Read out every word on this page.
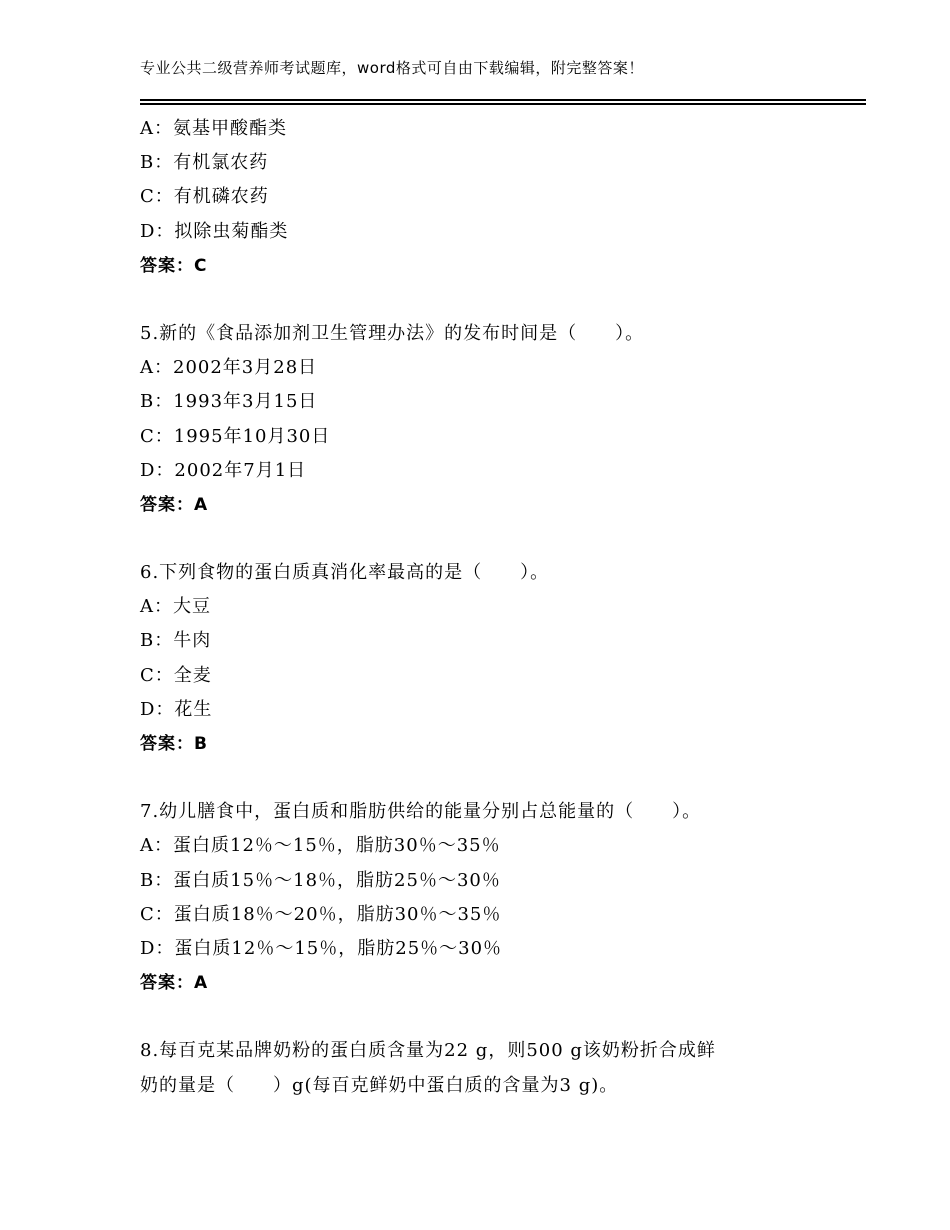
专业公共二级营养师考试题库，word格式可自由下载编辑，附完整答案！
A：氨基甲酸酯类
B：有机氯农药
C：有机磷农药
D：拟除虫菊酯类
答案：C
5.新的《食品添加剂卫生管理办法》的发布时间是（　　）。
A：2002年3月28日
B：1993年3月15日
C：1995年10月30日
D：2002年7月1日
答案：A
6.下列食物的蛋白质真消化率最高的是（　　）。
A：大豆
B：牛肉
C：全麦
D：花生
答案：B
7.幼儿膳食中，蛋白质和脂肪供给的能量分别占总能量的（　　）。
A：蛋白质12％～15％，脂肪30％～35％
B：蛋白质15％～18％，脂肪25％～30％
C：蛋白质18％～20％，脂肪30％～35％
D：蛋白质12％～15％，脂肪25％～30％
答案：A
8.每百克某品牌奶粉的蛋白质含量为22 g，则500 g该奶粉折合成鲜
奶的量是（　　）g(每百克鲜奶中蛋白质的含量为3 g)。
